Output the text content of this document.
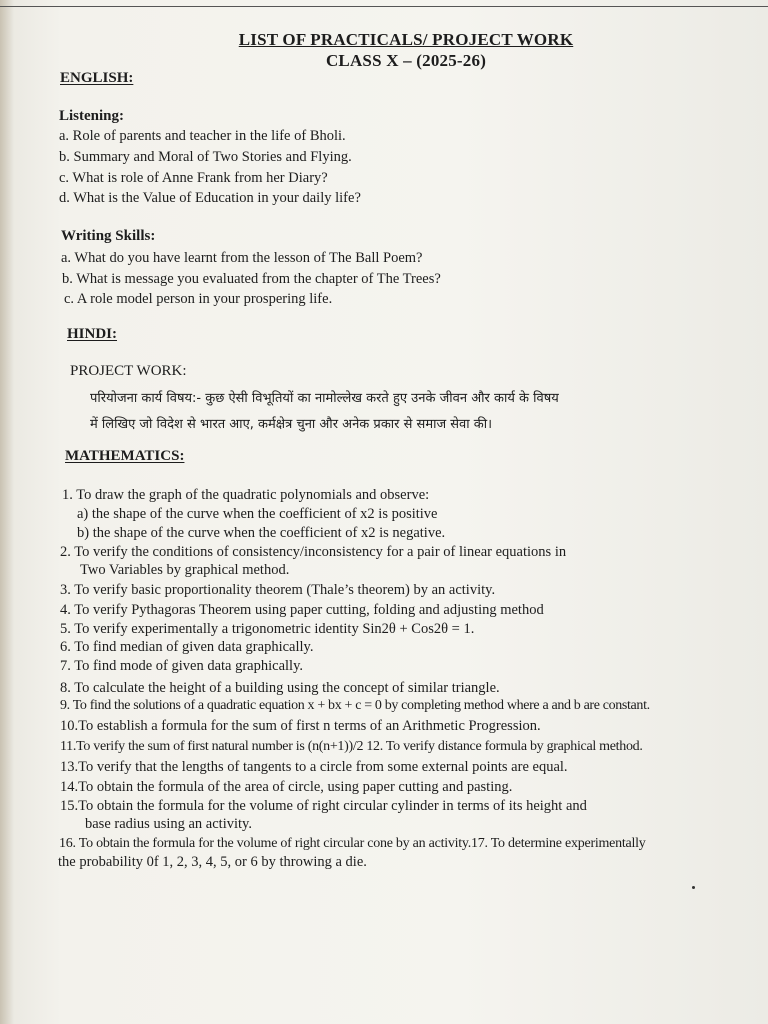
LIST OF PRACTICALS/ PROJECT WORK
CLASS X – (2025-26)
ENGLISH:
Listening:
a. Role of parents and teacher in the life of Bholi.
b. Summary and Moral of Two Stories and Flying.
c. What is role of Anne Frank from her Diary?
d. What is the Value of Education in your daily life?
Writing Skills:
a. What do you have learnt from the lesson of The Ball Poem?
b. What is message you evaluated from the chapter of The Trees?
c. A role model person in your prospering life.
HINDI:
PROJECT WORK:
परियोजना कार्य विषय:- कुछ ऐसी विभूतियों का नामोल्लेख करते हुए उनके जीवन और कार्य के विषय
में लिखिए जो विदेश से भारत आए, कर्मक्षेत्र चुना और अनेक प्रकार से समाज सेवा की।
MATHEMATICS:
1. To draw the graph of the quadratic polynomials and observe:
a) the shape of the curve when the coefficient of x2 is positive
b) the shape of the curve when the coefficient of x2 is negative.
2. To verify the conditions of consistency/inconsistency for a pair of linear equations in
Two Variables by graphical method.
3. To verify basic proportionality theorem (Thale’s theorem) by an activity.
4. To verify Pythagoras Theorem using paper cutting, folding and adjusting method
5. To verify experimentally a trigonometric identity Sin2θ + Cos2θ = 1.
6. To find median of given data graphically.
7. To find mode of given data graphically.
8. To calculate the height of a building using the concept of similar triangle.
9. To find the solutions of a quadratic equation x + bx + c = 0 by completing method where a and b are constant.
10.To establish a formula for the sum of first n terms of an Arithmetic Progression.
11.To verify the sum of first natural number is (n(n+1))/2 12. To verify distance formula by graphical method.
13.To verify that the lengths of tangents to a circle from some external points are equal.
14.To obtain the formula of the area of circle, using paper cutting and pasting.
15.To obtain the formula for the volume of right circular cylinder in terms of its height and
base radius using an activity.
16. To obtain the formula for the volume of right circular cone by an activity.17. To determine experimentally
the probability 0f 1, 2, 3, 4, 5, or 6 by throwing a die.
